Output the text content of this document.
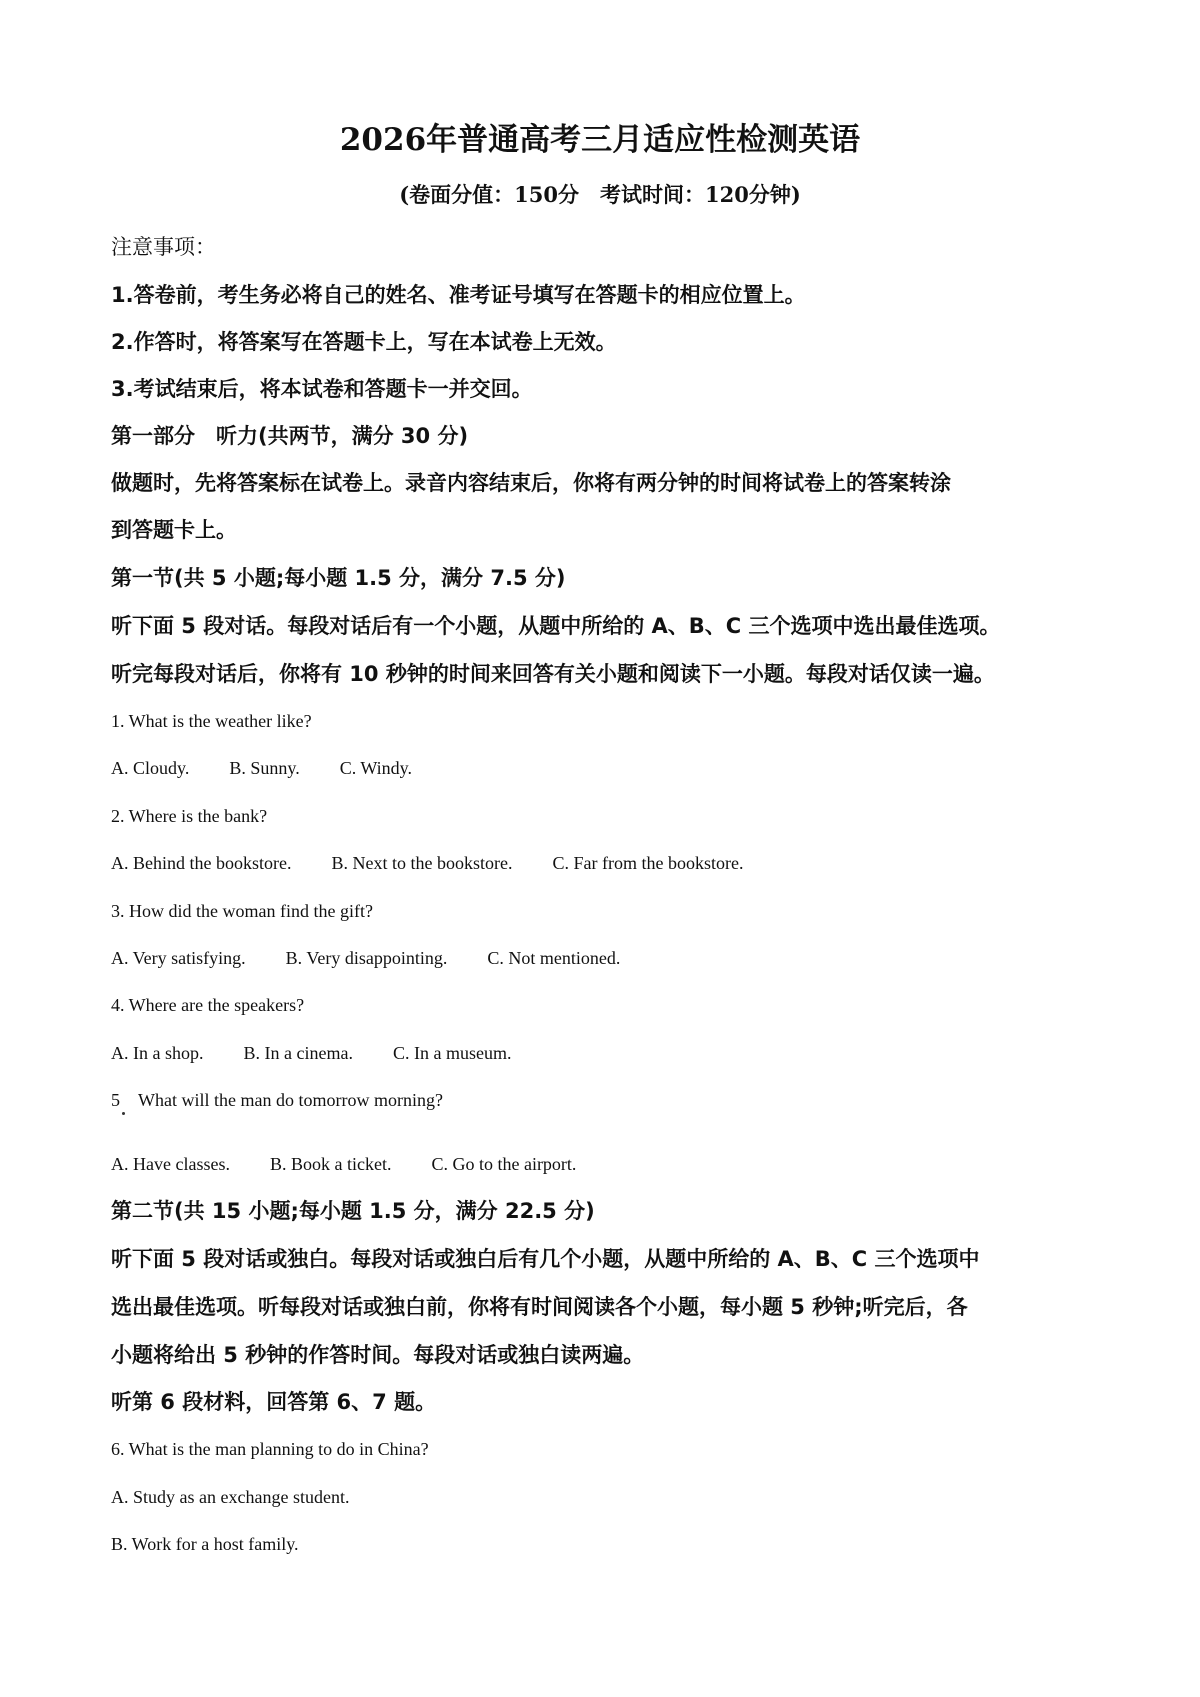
2026年普通高考三月适应性检测英语
(卷面分值：150分　考试时间：120分钟)
注意事项：
1.答卷前，考生务必将自己的姓名、准考证号填写在答题卡的相应位置上。
2.作答时，将答案写在答题卡上，写在本试卷上无效。
3.考试结束后，将本试卷和答题卡一并交回。
第一部分　听力(共两节，满分 30 分)
做题时，先将答案标在试卷上。录音内容结束后，你将有两分钟的时间将试卷上的答案转涂
到答题卡上。
第一节(共 5 小题;每小题 1.5 分，满分 7.5 分)
听下面 5 段对话。每段对话后有一个小题，从题中所给的 A、B、C 三个选项中选出最佳选项。
听完每段对话后，你将有 10 秒钟的时间来回答有关小题和阅读下一小题。每段对话仅读一遍。
1. What is the weather like?
A. Cloudy. B. Sunny. C. Windy.
2. Where is the bank?
A. Behind the bookstore. B. Next to the bookstore. C. Far from the bookstore.
3. How did the woman find the gift?
A. Very satisfying. B. Very disappointing. C. Not mentioned.
4. Where are the speakers?
A. In a shop. B. In a cinema. C. In a museum.
5　What will the man do tomorrow morning?
A. Have classes. B. Book a ticket. C. Go to the airport.
第二节(共 15 小题;每小题 1.5 分，满分 22.5 分)
听下面 5 段对话或独白。每段对话或独白后有几个小题，从题中所给的 A、B、C 三个选项中
选出最佳选项。听每段对话或独白前，你将有时间阅读各个小题，每小题 5 秒钟;听完后，各
小题将给出 5 秒钟的作答时间。每段对话或独白读两遍。
听第 6 段材料，回答第 6、7 题。
6. What is the man planning to do in China?
A. Study as an exchange student.
B. Work for a host family.
